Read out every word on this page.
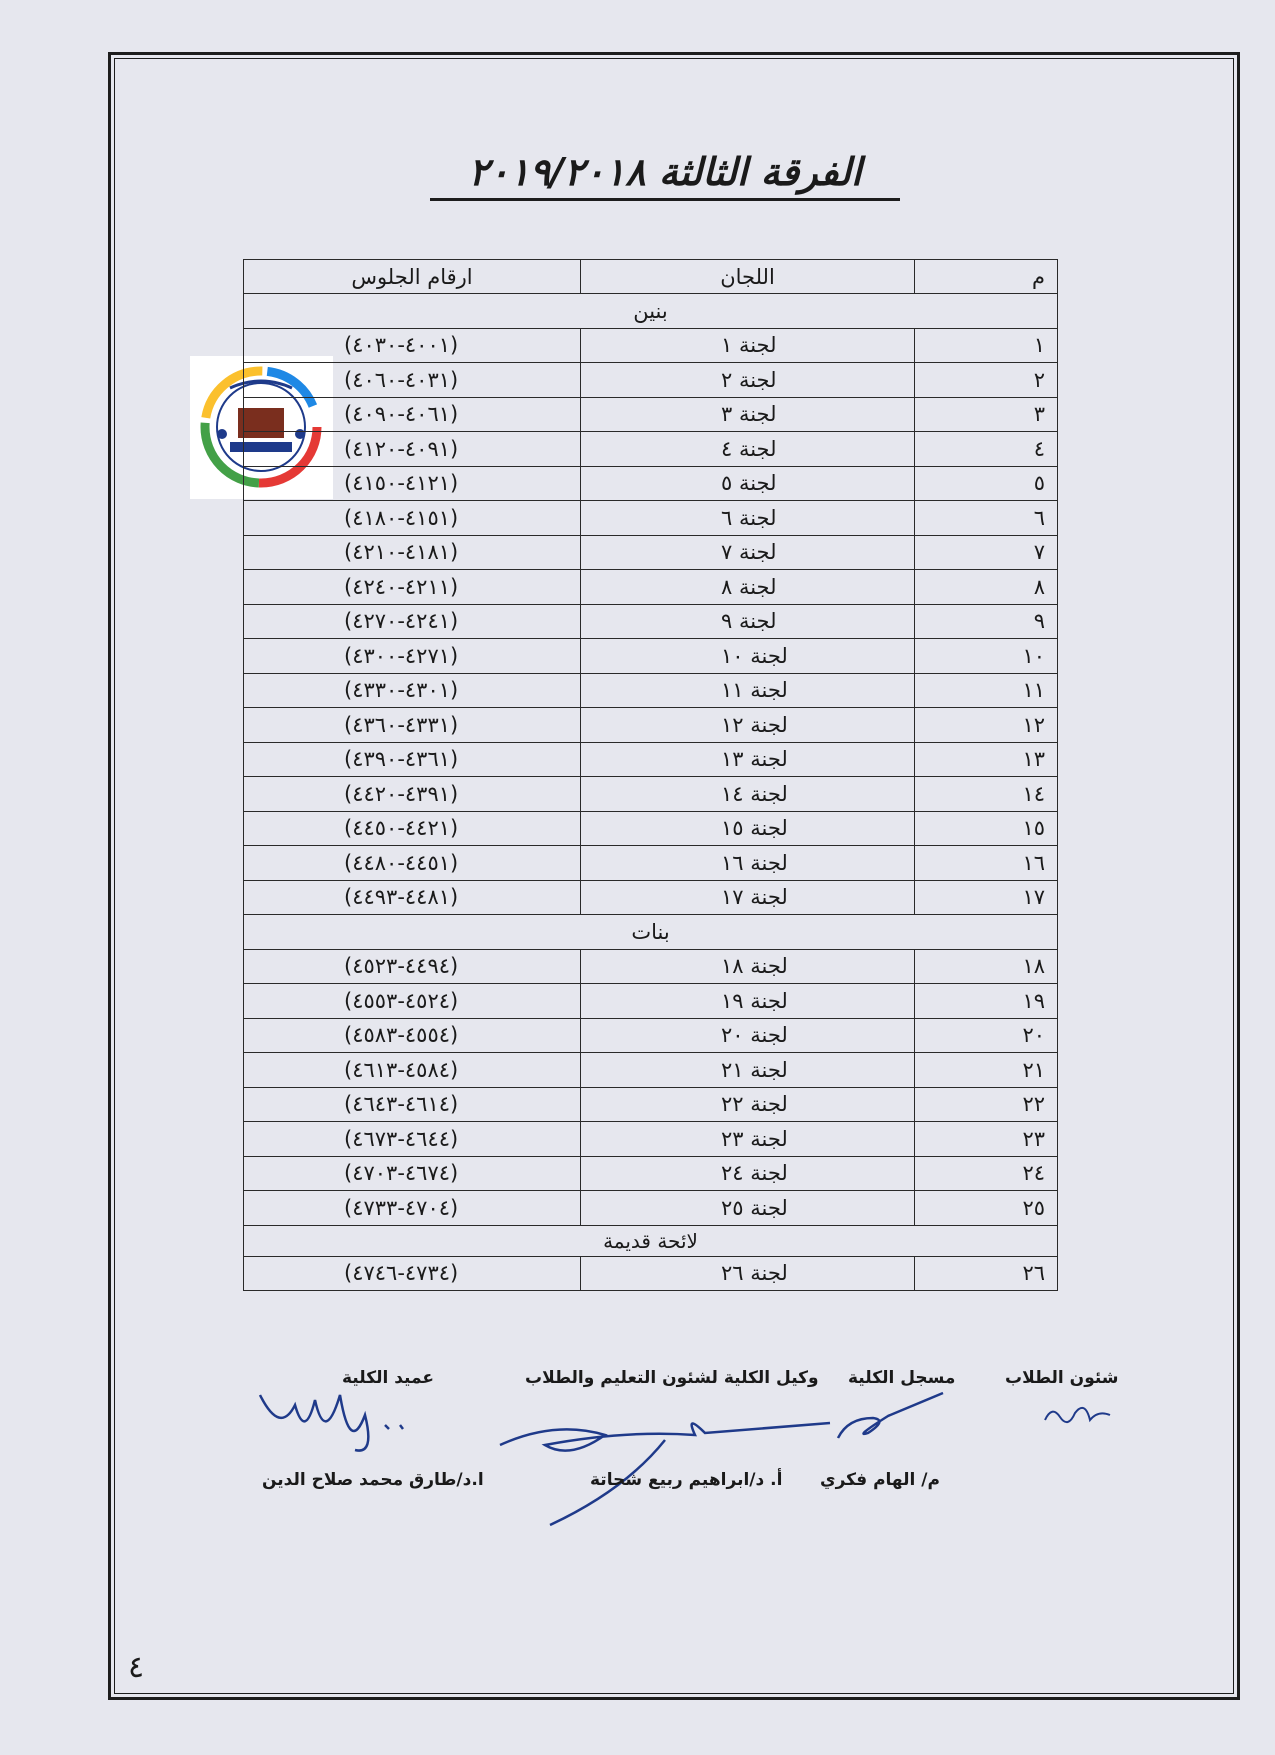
الفرقة الثالثة ٢٠١٩/٢٠١٨
م	اللجان	ارقام الجلوس
بنين		
١	لجنة ١	(٤٠٠١-٤٠٣٠)
٢	لجنة ٢	(٤٠٣١-٤٠٦٠)
٣	لجنة ٣	(٤٠٦١-٤٠٩٠)
٤	لجنة ٤	(٤٠٩١-٤١٢٠)
٥	لجنة ٥	(٤١٢١-٤١٥٠)
٦	لجنة ٦	(٤١٥١-٤١٨٠)
٧	لجنة ٧	(٤١٨١-٤٢١٠)
٨	لجنة ٨	(٤٢١١-٤٢٤٠)
٩	لجنة ٩	(٤٢٤١-٤٢٧٠)
١٠	لجنة ١٠	(٤٢٧١-٤٣٠٠)
١١	لجنة ١١	(٤٣٠١-٤٣٣٠)
١٢	لجنة ١٢	(٤٣٣١-٤٣٦٠)
١٣	لجنة ١٣	(٤٣٦١-٤٣٩٠)
١٤	لجنة ١٤	(٤٣٩١-٤٤٢٠)
١٥	لجنة ١٥	(٤٤٢١-٤٤٥٠)
١٦	لجنة ١٦	(٤٤٥١-٤٤٨٠)
١٧	لجنة ١٧	(٤٤٨١-٤٤٩٣)
بنات		
١٨	لجنة ١٨	(٤٤٩٤-٤٥٢٣)
١٩	لجنة ١٩	(٤٥٢٤-٤٥٥٣)
٢٠	لجنة ٢٠	(٤٥٥٤-٤٥٨٣)
٢١	لجنة ٢١	(٤٥٨٤-٤٦١٣)
٢٢	لجنة ٢٢	(٤٦١٤-٤٦٤٣)
٢٣	لجنة ٢٣	(٤٦٤٤-٤٦٧٣)
٢٤	لجنة ٢٤	(٤٦٧٤-٤٧٠٣)
٢٥	لجنة ٢٥	(٤٧٠٤-٤٧٣٣)
لائحة قديمة		
٢٦	لجنة ٢٦	(٤٧٣٤-٤٧٤٦)
شئون الطلاب
مسجل الكلية
م/ الهام فكري
وكيل الكلية لشئون التعليم والطلاب
أ. د/ابراهيم ربيع شحاتة
عميد الكلية
ا.د/طارق محمد صلاح الدين
٤
